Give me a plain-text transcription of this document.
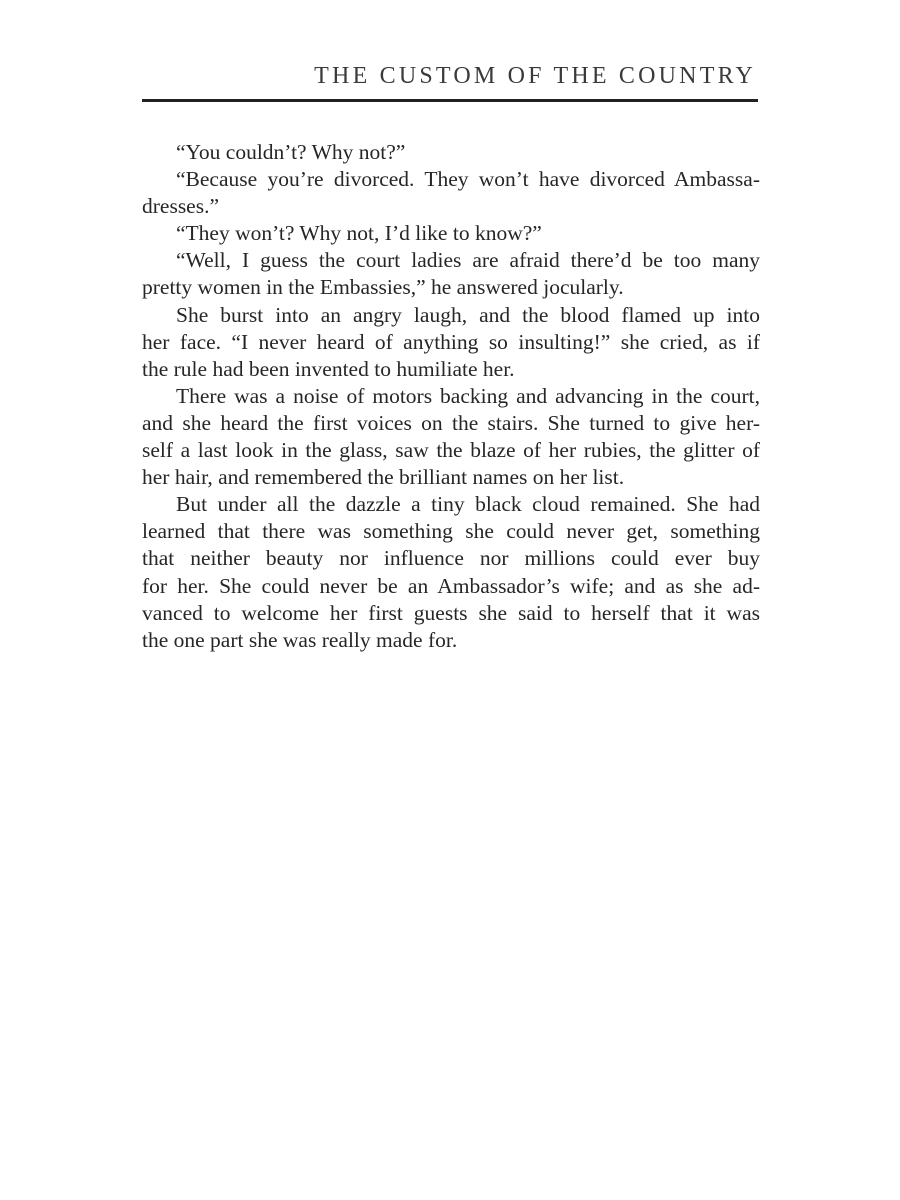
THE CUSTOM OF THE COUNTRY
“You couldn’t? Why not?”
“Because you’re divorced. They won’t have divorced Ambassa-
dresses.”
“They won’t? Why not, I’d like to know?”
“Well, I guess the court ladies are afraid there’d be too many
pretty women in the Embassies,” he answered jocularly.
She burst into an angry laugh, and the blood flamed up into
her face. “I never heard of anything so insulting!” she cried, as if
the rule had been invented to humiliate her.
There was a noise of motors backing and advancing in the court,
and she heard the first voices on the stairs. She turned to give her-
self a last look in the glass, saw the blaze of her rubies, the glitter of
her hair, and remembered the brilliant names on her list.
But under all the dazzle a tiny black cloud remained. She had
learned that there was something she could never get, something
that neither beauty nor influence nor millions could ever buy
for her. She could never be an Ambassador’s wife; and as she ad-
vanced to welcome her first guests she said to herself that it was
the one part she was really made for.
